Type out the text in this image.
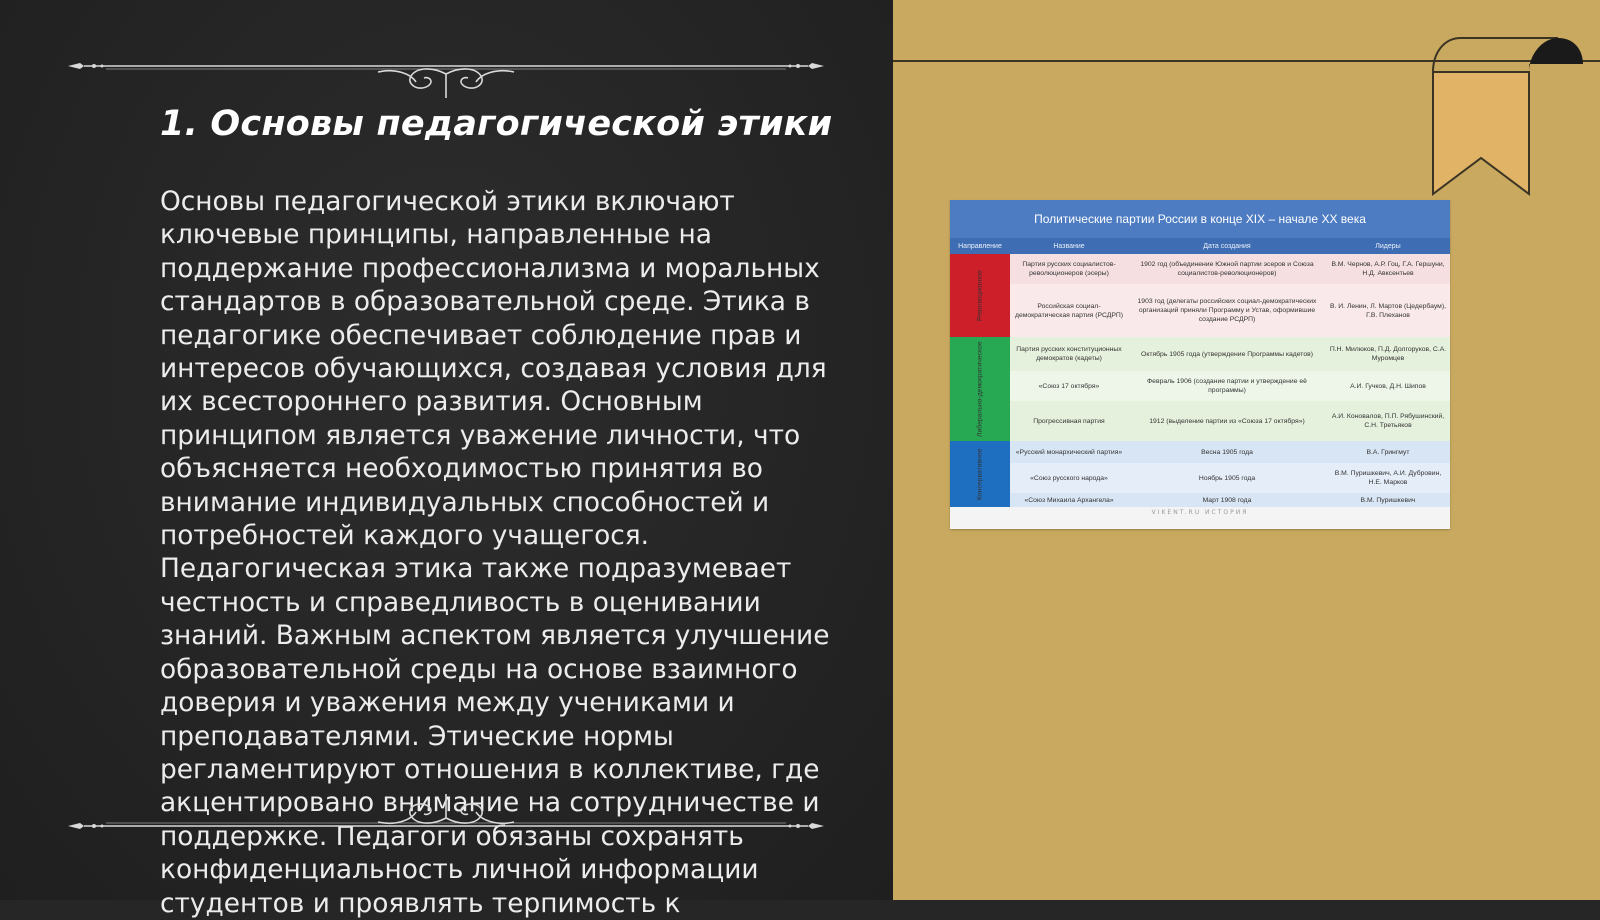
1. Основы педагогической этики

Основы педагогической этики включают ключевые принципы, направленные на поддержание профессионализма и моральных стандартов в образовательной среде. Этика в педагогике обеспечивает соблюдение прав и интересов обучающихся, создавая условия для их всестороннего развития. Основным принципом является уважение личности, что объясняется необходимостью принятия во внимание индивидуальных способностей и потребностей каждого учащегося. Педагогическая этика также подразумевает честность и справедливость в оценивании знаний. Важным аспектом является улучшение образовательной среды на основе взаимного доверия и уважения между учениками и преподавателями. Этические нормы регламентируют отношения в коллективе, где акцентировано внимание на сотрудничестве и поддержке. Педагоги обязаны сохранять конфиденциальность личной информации студентов и проявлять терпимость к

Политические партии России в конце XIX – начале XX века
Направление	Название	Дата создания	Лидеры
Революционное	Партия русских социалистов-революционеров (эсеры)	1902 год (объединение Южной партии эсеров и Союза социалистов-революционеров)	В.М. Чернов, А.Р. Гоц, Г.А. Гершуни, Н.Д. Авксентьев
	Российская социал-демократическая партия (РСДРП)	1903 год (делегаты российских социал-демократических организаций приняли Программу и Устав, оформившие создание РСДРП)	В. И. Ленин, Л. Мартов (Цедербаум), Г.В. Плеханов
Либерально-демократическое	Партия русских конституционных демократов (кадеты)	Октябрь 1905 года (утверждение Программы кадетов)	П.Н. Милюков, П.Д. Долгоруков, С.А. Муромцев
	«Союз 17 октября»	Февраль 1906 (создание партии и утверждение её программы)	А.И. Гучков, Д.Н. Шипов
	Прогрессивная партия	1912 (выделение партии из «Союза 17 октября»)	А.И. Коновалов, П.П. Рябушинский, С.Н. Третьяков
Консервативное	«Русский монархический партия»	Весна 1905 года	В.А. Грингмут
	«Союз русского народа»	Ноябрь 1905 года	В.М. Пуришкевич, А.И. Дубровин, Н.Е. Марков
	«Союз Михаила Архангела»	Март 1908 года	В.М. Пуришкевич
VIKENT.RU ИСТОРИЯ
